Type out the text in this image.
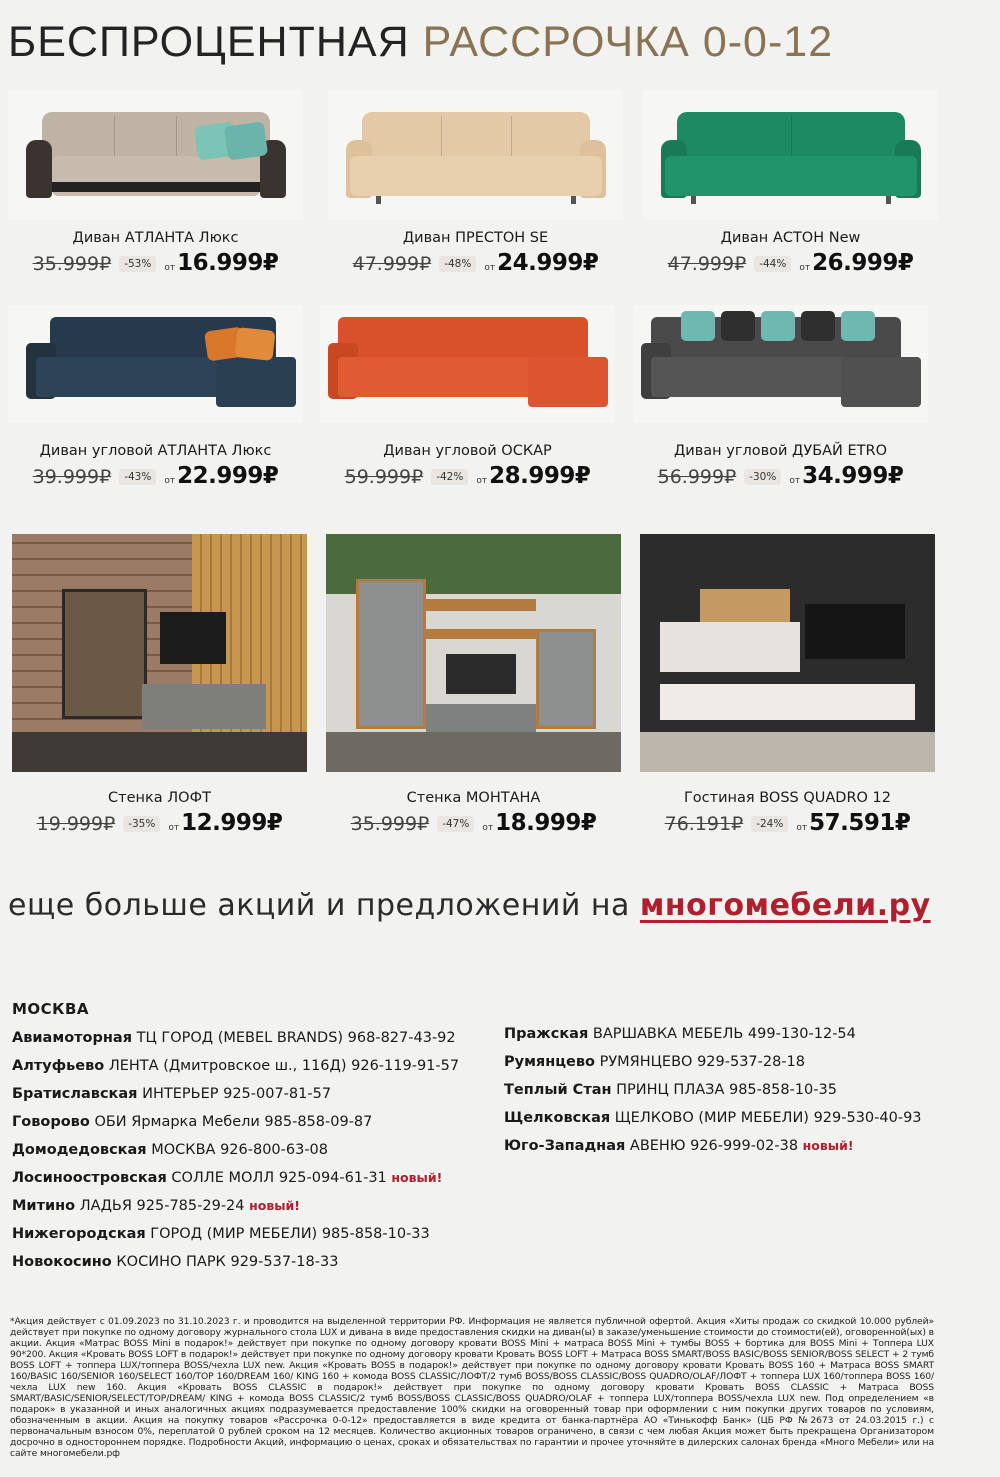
БЕСПРОЦЕНТНАЯ РАССРОЧКА 0-0-12
Диван АТЛАНТА Люкс
35.999₽	-53%	от 16.999₽
Диван ПРЕСТОН SE
47.999₽	-48%	от 24.999₽
Диван АСТОН New
47.999₽	-44%	от 26.999₽
Диван угловой АТЛАНТА Люкс
39.999₽	-43%	от 22.999₽
Диван угловой ОСКАР
59.999₽	-42%	от 28.999₽
Диван угловой ДУБАЙ ETRO
56.999₽	-30%	от 34.999₽
Стенка ЛОФТ
19.999₽	-35%	от 12.999₽
Стенка МОНТАНА
35.999₽	-47%	от 18.999₽
Гостиная BOSS QUADRO 12
76.191₽	-24%	от 57.591₽
еще больше акций и предложений на многомебели.ру
МОСКВА
Авиамоторная ТЦ ГОРОД (MEBEL BRANDS) 968-827-43-92
Алтуфьево ЛЕНТА (Дмитровское ш., 116Д) 926-119-91-57
Братиславская ИНТЕРЬЕР 925-007-81-57
Говорово ОБИ Ярмарка Мебели 985-858-09-87
Домодедовская МОСКВА 926-800-63-08
Лосиноостровская СОЛЛЕ МОЛЛ 925-094-61-31 новый!
Митино ЛАДЬЯ 925-785-29-24 новый!
Нижегородская ГОРОД (МИР МЕБЕЛИ) 985-858-10-33
Новокосино КОСИНО ПАРК 929-537-18-33
Пражская ВАРШАВКА МЕБЕЛЬ 499-130-12-54
Румянцево РУМЯНЦЕВО 929-537-28-18
Теплый Стан ПРИНЦ ПЛАЗА 985-858-10-35
Щелковская ЩЕЛКОВО (МИР МЕБЕЛИ) 929-530-40-93
Юго-Западная АВЕНЮ 926-999-02-38 новый!
*Акция действует с 01.09.2023 по 31.10.2023 г. и проводится на выделенной территории РФ. Информация не является публичной офертой. Акция «Хиты продаж со скидкой 10.000 рублей» действует при покупке по одному договору журнального стола LUX и дивана в виде предоставления скидки на диван(ы) в заказе/уменьшение стоимости до стоимости(ей), оговоренной(ых) в акции. Акция «Матрас BOSS Mini в подарок!» действует при покупке по одному договору кровати BOSS Mini + матраса BOSS Mini + тумбы BOSS + бортика для BOSS Mini + Топпера LUX 90*200. Акция «Кровать BOSS LOFT в подарок!» действует при покупке по одному договору кровати Кровать BOSS LOFT + Матраса BOSS SMART/BOSS BASIC/BOSS SENIOR/BOSS SELECT + 2 тумб BOSS LOFT + топпера LUX/топпера BOSS/чехла LUX new. Акция «Кровать BOSS в подарок!» действует при покупке по одному договору кровати Кровать BOSS 160 + Матраса BOSS SMART 160/BASIC 160/SENIOR 160/SELECT 160/TOP 160/DREAM 160/ KING 160 + комода BOSS CLASSIC/ЛОФТ/2 тумб BOSS/BOSS CLASSIC/BOSS QUADRO/OLAF/ЛОФТ + топпера LUX 160/топпера BOSS 160/чехла LUX new 160. Акция «Кровать BOSS CLASSIC в подарок!» действует при покупке по одному договору кровати Кровать BOSS CLASSIC + Матраса BOSS SMART/BASIC/SENIOR/SELECT/TOP/DREAM/ KING + комода BOSS CLASSIC/2 тумб BOSS/BOSS CLASSIC/BOSS QUADRO/OLAF + топпера LUX/топпера BOSS/чехла LUX new. Под определением «в подарок» в указанной и иных аналогичных акциях подразумевается предоставление 100% скидки на оговоренный товар при оформлении с ним покупки других товаров по условиям, обозначенным в акции. Акция на покупку товаров «Рассрочка 0-0-12» предоставляется в виде кредита от банка-партнёра АО «Тинькофф Банк» (ЦБ РФ №2673 от 24.03.2015 г.) с первоначальным взносом 0%, переплатой 0 рублей сроком на 12 месяцев. Количество акционных товаров ограничено, в связи с чем любая Акция может быть прекращена Организатором досрочно в одностороннем порядке. Подробности Акций, информацию о ценах, сроках и обязательствах по гарантии и прочее уточняйте в дилерских салонах бренда «Много Мебели» или на сайте многомебели.рф
